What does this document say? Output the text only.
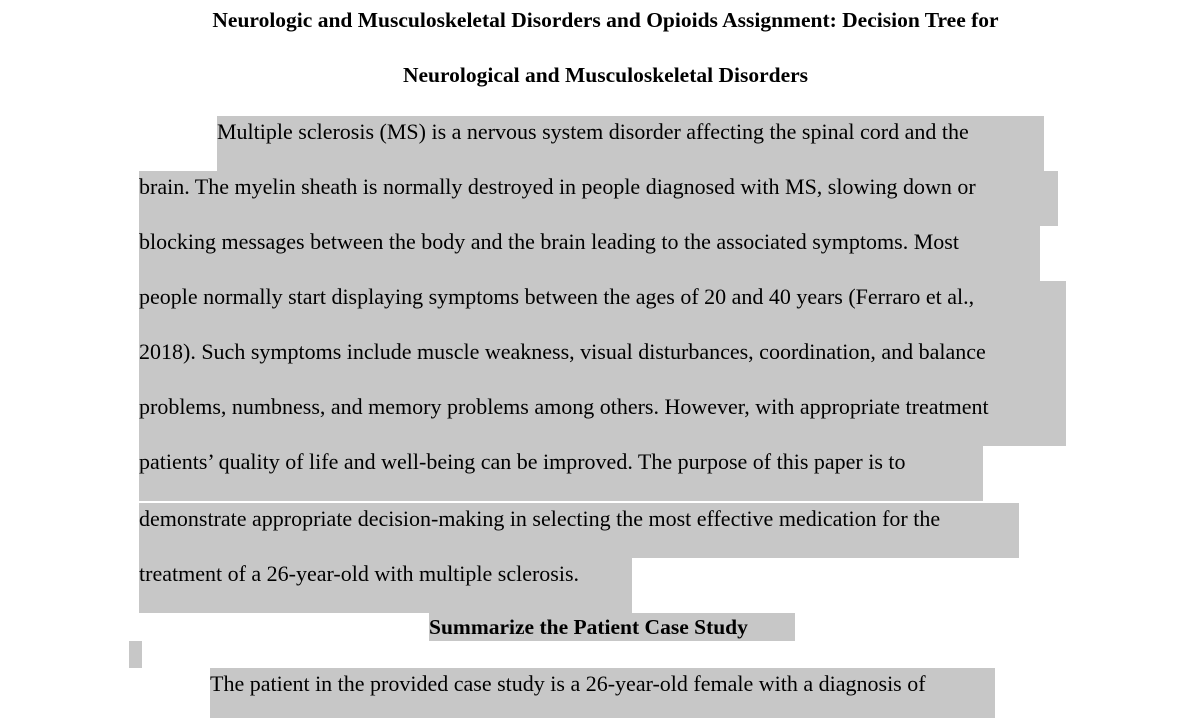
Neurologic and Musculoskeletal Disorders and Opioids Assignment: Decision Tree for
Neurological and Musculoskeletal Disorders
Multiple sclerosis (MS) is a nervous system disorder affecting the spinal cord and the
brain. The myelin sheath is normally destroyed in people diagnosed with MS, slowing down or
blocking messages between the body and the brain leading to the associated symptoms. Most
people normally start displaying symptoms between the ages of 20 and 40 years (Ferraro et al.,
2018). Such symptoms include muscle weakness, visual disturbances, coordination, and balance
problems, numbness, and memory problems among others. However, with appropriate treatment
patients’ quality of life and well-being can be improved. The purpose of this paper is to
demonstrate appropriate decision-making in selecting the most effective medication for the
treatment of a 26-year-old with multiple sclerosis.
Summarize the Patient Case Study
The patient in the provided case study is a 26-year-old female with a diagnosis of
